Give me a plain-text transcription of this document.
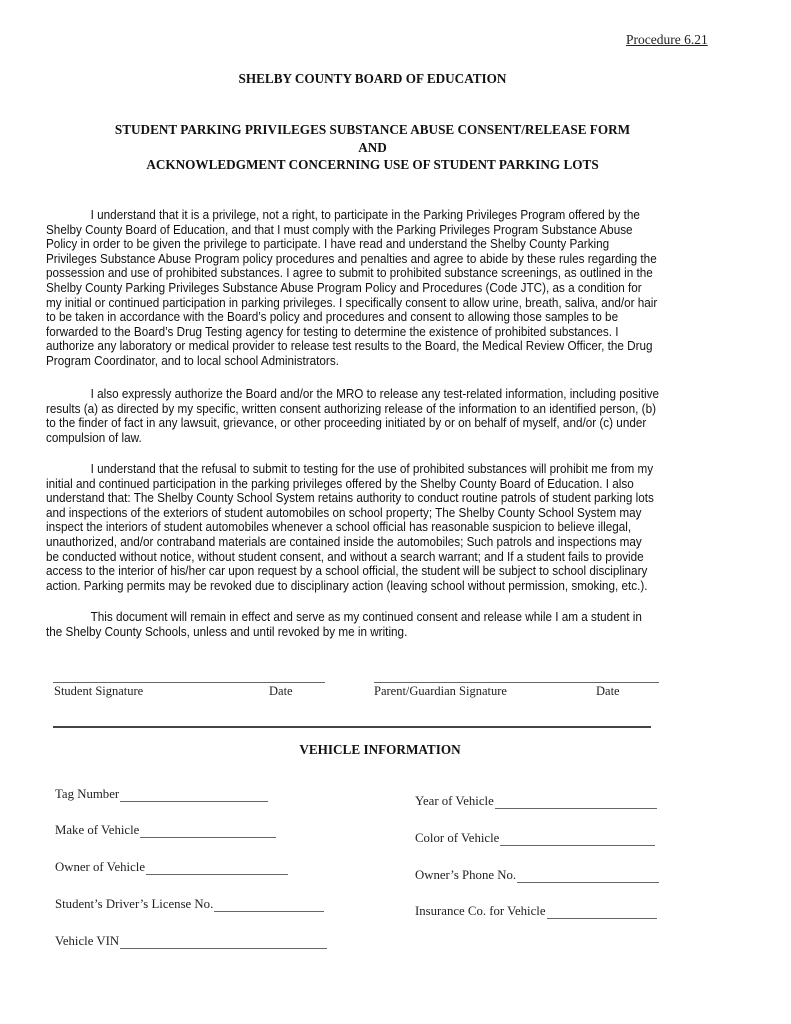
Procedure 6.21
SHELBY COUNTY BOARD OF EDUCATION
STUDENT PARKING PRIVILEGES SUBSTANCE ABUSE CONSENT/RELEASE FORM
AND
ACKNOWLEDGMENT CONCERNING USE OF STUDENT PARKING LOTS
I understand that it is a privilege, not a right, to participate in the Parking Privileges Program offered by the
Shelby County Board of Education, and that I must comply with the Parking Privileges Program Substance Abuse
Policy in order to be given the privilege to participate. I have read and understand the Shelby County Parking
Privileges Substance Abuse Program policy procedures and penalties and agree to abide by these rules regarding the
possession and use of prohibited substances. I agree to submit to prohibited substance screenings, as outlined in the
Shelby County Parking Privileges Substance Abuse Program Policy and Procedures (Code JTC), as a condition for
my initial or continued participation in parking privileges. I specifically consent to allow urine, breath, saliva, and/or hair
to be taken in accordance with the Board’s policy and procedures and consent to allowing those samples to be
forwarded to the Board’s Drug Testing agency for testing to determine the existence of prohibited substances. I
authorize any laboratory or medical provider to release test results to the Board, the Medical Review Officer, the Drug
Program Coordinator, and to local school Administrators.
I also expressly authorize the Board and/or the MRO to release any test-related information, including positive
results (a) as directed by my specific, written consent authorizing release of the information to an identified person, (b)
to the finder of fact in any lawsuit, grievance, or other proceeding initiated by or on behalf of myself, and/or (c) under
compulsion of law.
I understand that the refusal to submit to testing for the use of prohibited substances will prohibit me from my
initial and continued participation in the parking privileges offered by the Shelby County Board of Education. I also
understand that: The Shelby County School System retains authority to conduct routine patrols of student parking lots
and inspections of the exteriors of student automobiles on school property; The Shelby County School System may
inspect the interiors of student automobiles whenever a school official has reasonable suspicion to believe illegal,
unauthorized, and/or contraband materials are contained inside the automobiles; Such patrols and inspections may
be conducted without notice, without student consent, and without a search warrant; and If a student fails to provide
access to the interior of his/her car upon request by a school official, the student will be subject to school disciplinary
action. Parking permits may be revoked due to disciplinary action (leaving school without permission, smoking, etc.).
This document will remain in effect and serve as my continued consent and release while I am a student in
the Shelby County Schools, unless and until revoked by me in writing.
Student Signature	Date	Parent/Guardian Signature	Date
VEHICLE INFORMATION
Tag Number
Make of Vehicle
Owner of Vehicle
Student’s Driver’s License No.
Vehicle VIN
Year of Vehicle
Color of Vehicle
Owner’s Phone No.
Insurance Co. for Vehicle
